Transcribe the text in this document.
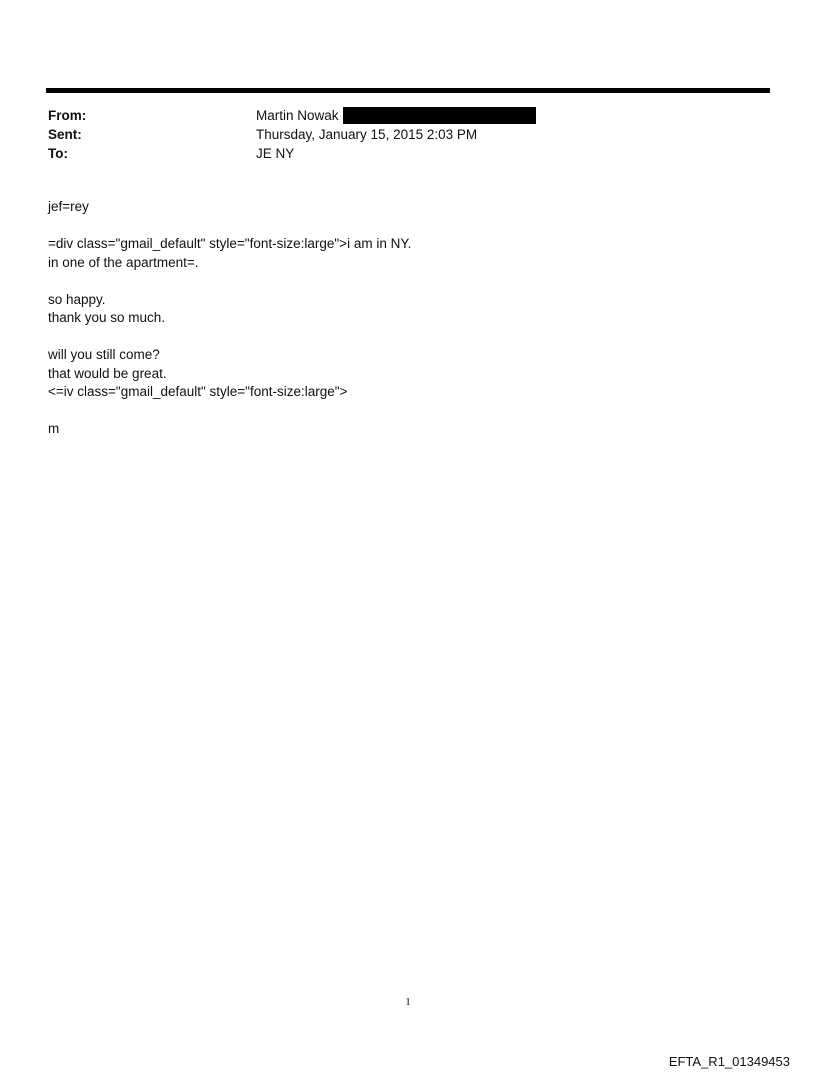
From:	Martin Nowak
Sent:	Thursday, January 15, 2015 2:03 PM
To:	JE NY
jef=rey
=div class="gmail_default" style="font-size:large">i am in NY.
in one of the apartment=.
so happy.
thank you so much.
will you still come?
that would be great.
<=iv class="gmail_default" style="font-size:large">
m
1
EFTA_R1_01349453
